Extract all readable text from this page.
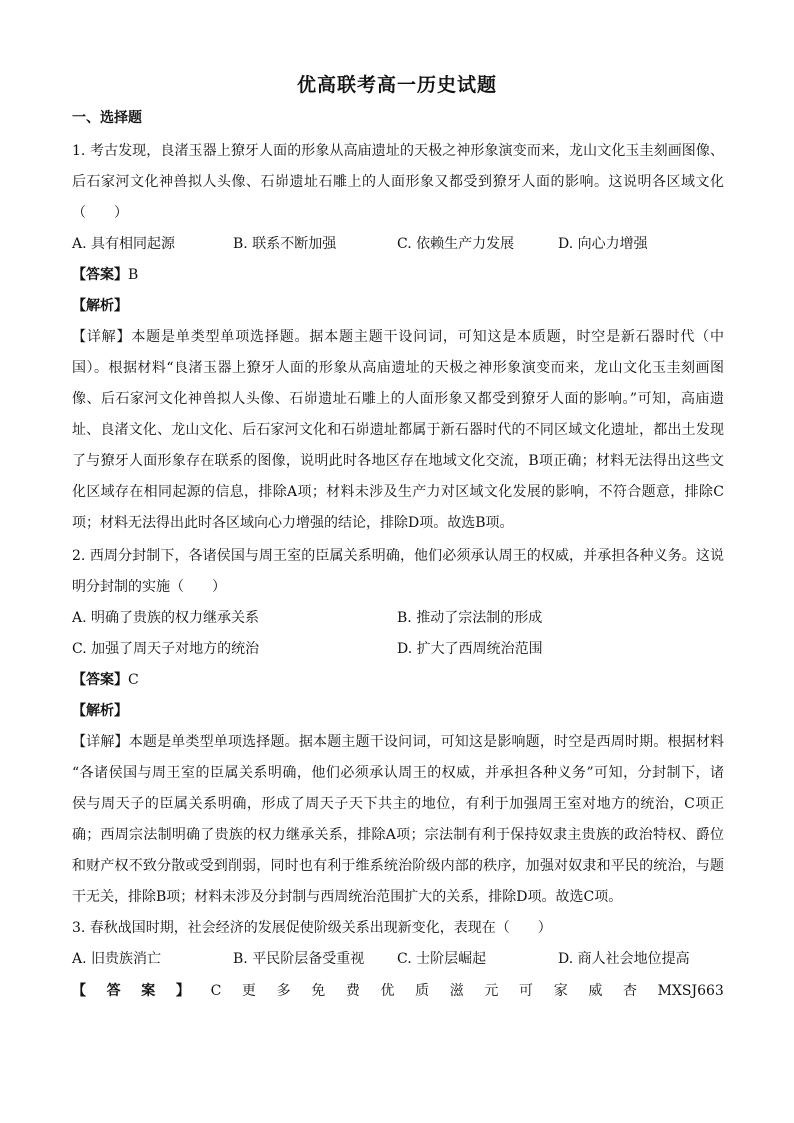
优高联考高一历史试题
一、选择题
1. 考古发现，良渚玉器上獠牙人面的形象从高庙遗址的天极之神形象演变而来，龙山文化玉圭刻画图像、
后石家河文化神兽拟人头像、石峁遗址石雕上的人面形象又都受到獠牙人面的影响。这说明各区域文化
（　　）
A. 具有相同起源	B. 联系不断加强	C. 依赖生产力发展	D. 向心力增强
【答案】B
【解析】
【详解】本题是单类型单项选择题。据本题主题干设问词，可知这是本质题，时空是新石器时代（中
国）。根据材料“良渚玉器上獠牙人面的形象从高庙遗址的天极之神形象演变而来，龙山文化玉圭刻画图
像、后石家河文化神兽拟人头像、石峁遗址石雕上的人面形象又都受到獠牙人面的影响。”可知，高庙遗
址、良渚文化、龙山文化、后石家河文化和石峁遗址都属于新石器时代的不同区域文化遗址，都出土发现
了与獠牙人面形象存在联系的图像，说明此时各地区存在地域文化交流，B项正确；材料无法得出这些文
化区域存在相同起源的信息，排除A项；材料未涉及生产力对区域文化发展的影响，不符合题意，排除C
项；材料无法得出此时各区域向心力增强的结论，排除D项。故选B项。
2. 西周分封制下，各诸侯国与周王室的臣属关系明确，他们必须承认周王的权威，并承担各种义务。这说
明分封制的实施（　　）
A. 明确了贵族的权力继承关系	B. 推动了宗法制的形成
C. 加强了周天子对地方的统治	D. 扩大了西周统治范围
【答案】C
【解析】
【详解】本题是单类型单项选择题。据本题主题干设问词，可知这是影响题，时空是西周时期。根据材料
“各诸侯国与周王室的臣属关系明确，他们必须承认周王的权威，并承担各种义务”可知，分封制下，诸
侯与周天子的臣属关系明确，形成了周天子天下共主的地位，有利于加强周王室对地方的统治，C项正
确；西周宗法制明确了贵族的权力继承关系，排除A项；宗法制有利于保持奴隶主贵族的政治特权、爵位
和财产权不致分散或受到削弱，同时也有利于维系统治阶级内部的秩序，加强对奴隶和平民的统治，与题
干无关，排除B项；材料未涉及分封制与西周统治范围扩大的关系，排除D项。故选C项。
3. 春秋战国时期，社会经济的发展促使阶级关系出现新变化，表现在（　　）
A. 旧贵族消亡	B. 平民阶层备受重视 C. 士阶层崛起	D. 商人社会地位提高
【 答 案 】 C 更 多 免 费 优 质 滋 元 可 家 威 杏 MXSJ663
